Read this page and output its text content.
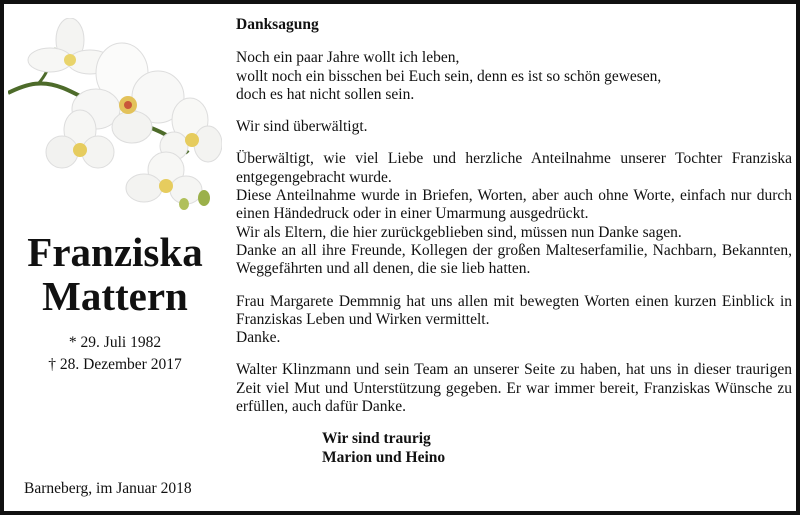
Franziska
Mattern
* 29. Juli 1982
† 28. Dezember 2017
Barneberg, im Januar 2018
Danksagung
Noch ein paar Jahre wollt ich leben,
wollt noch ein bisschen bei Euch sein, denn es ist so schön gewesen,
doch es hat nicht sollen sein.
Wir sind überwältigt.
Überwältigt, wie viel Liebe und herzliche Anteilnahme unserer Tochter Franziska entgegengebracht wurde.
Diese Anteilnahme wurde in Briefen, Worten, aber auch ohne Worte, einfach nur durch einen Händedruck oder in einer Umarmung ausgedrückt.
Wir als Eltern, die hier zurückgeblieben sind, müssen nun Danke sagen.
Danke an all ihre Freunde, Kollegen der großen Malteserfamilie, Nachbarn, Bekannten, Weggefährten und all denen, die sie lieb hatten.
Frau Margarete Demmnig hat uns allen mit bewegten Worten einen kurzen Einblick in Franziskas Leben und Wirken vermittelt.
Danke.
Walter Klinzmann und sein Team an unserer Seite zu haben, hat uns in dieser traurigen Zeit viel Mut und Unterstützung gegeben. Er war immer bereit, Franziskas Wünsche zu erfüllen, auch dafür Danke.
Wir sind traurig
Marion und Heino
